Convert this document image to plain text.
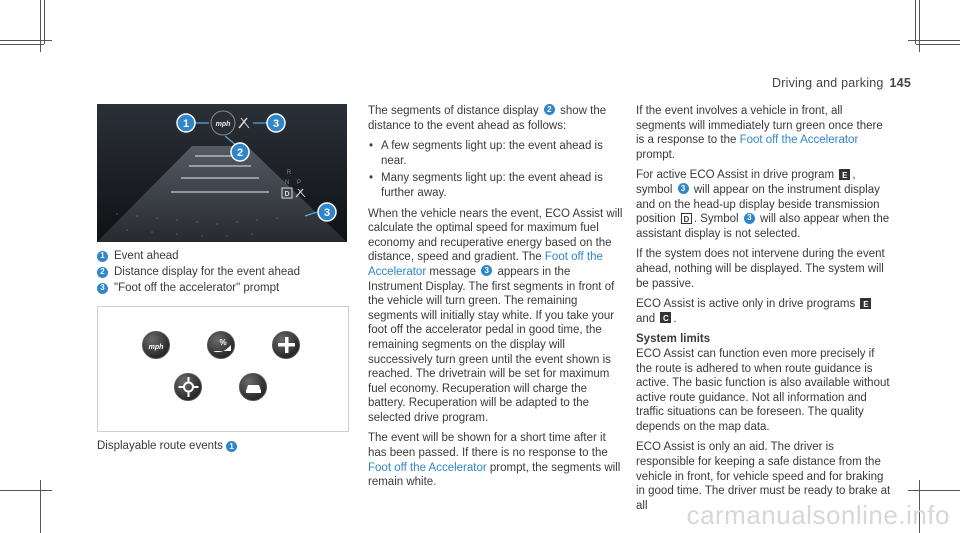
Driving and parking 145
mph
1	3
2
3
R
N P
D
1 Event ahead
2 Distance display for the event ahead
3 "Foot off the accelerator" prompt
mph
%
Displayable route events
1

The segments of distance display 2 show the distance to the event ahead as follows:

• A few segments light up: the event ahead is near.
• Many segments light up: the event ahead is further away.

When the vehicle nears the event, ECO Assist will calculate the optimal speed for maximum fuel economy and recuperative energy based on the distance, speed and gradient. The Foot off the Accelerator message 3 appears in the Instrument Display. The first segments in front of the vehicle will turn green. The remaining segments will initially stay white. If you take your foot off the accelerator pedal in good time, the remaining segments on the display will successively turn green until the event shown is reached. The drivetrain will be set for maximum fuel economy. Recuperation will charge the battery. Recuperation will be adapted to the selected drive program.

The event will be shown for a short time after it has been passed. If there is no response to the Foot off the Accelerator prompt, the segments will remain white.

If the event involves a vehicle in front, all segments will immediately turn green once there is a response to the Foot off the Accelerator prompt.

For active ECO Assist in drive program E , symbol 3 will appear on the instrument display and on the head-up display beside transmission position D . Symbol 3 will also appear when the assistant display is not selected.

If the system does not intervene during the event ahead, nothing will be displayed. The system will be passive.

ECO Assist is active only in drive programs E and C .

System limits

ECO Assist can function even more precisely if the route is adhered to when route guidance is active. The basic function is also available without active route guidance. Not all information and traffic situations can be foreseen. The quality depends on the map data.

ECO Assist is only an aid. The driver is responsible for keeping a safe distance from the vehicle in front, for vehicle speed and for braking in good time. The driver must be ready to brake at all	carmanualsonline.info
